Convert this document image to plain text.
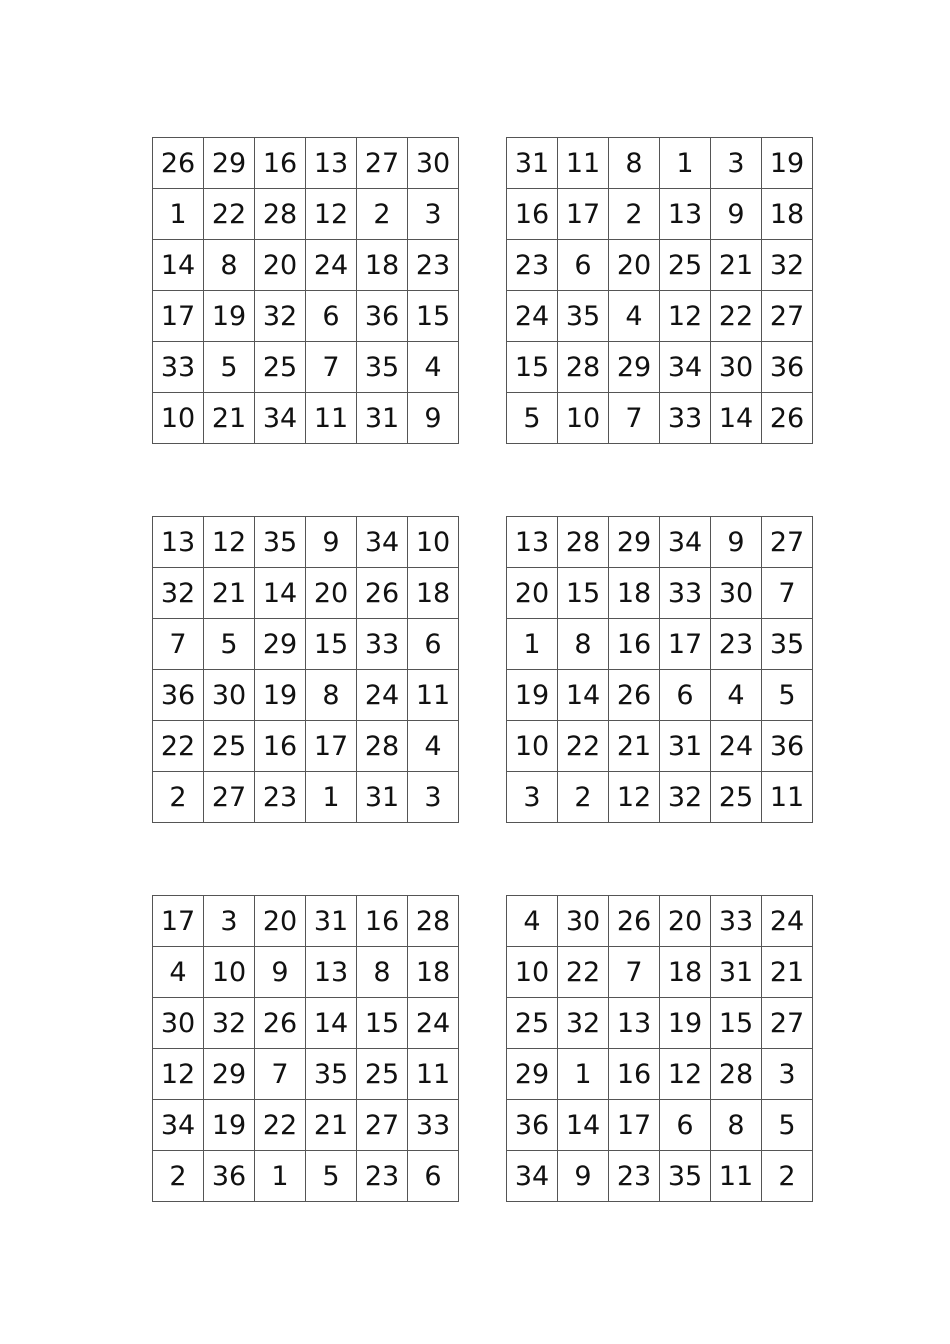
26	29	16	13	27	30
1	22	28	12	2	3
14	8	20	24	18	23
17	19	32	6	36	15
33	5	25	7	35	4
10	21	34	11	31	9
31	11	8	1	3	19
16	17	2	13	9	18
23	6	20	25	21	32
24	35	4	12	22	27
15	28	29	34	30	36
5	10	7	33	14	26
13	12	35	9	34	10
32	21	14	20	26	18
7	5	29	15	33	6
36	30	19	8	24	11
22	25	16	17	28	4
2	27	23	1	31	3
13	28	29	34	9	27
20	15	18	33	30	7
1	8	16	17	23	35
19	14	26	6	4	5
10	22	21	31	24	36
3	2	12	32	25	11
17	3	20	31	16	28
4	10	9	13	8	18
30	32	26	14	15	24
12	29	7	35	25	11
34	19	22	21	27	33
2	36	1	5	23	6
4	30	26	20	33	24
10	22	7	18	31	21
25	32	13	19	15	27
29	1	16	12	28	3
36	14	17	6	8	5
34	9	23	35	11	2
